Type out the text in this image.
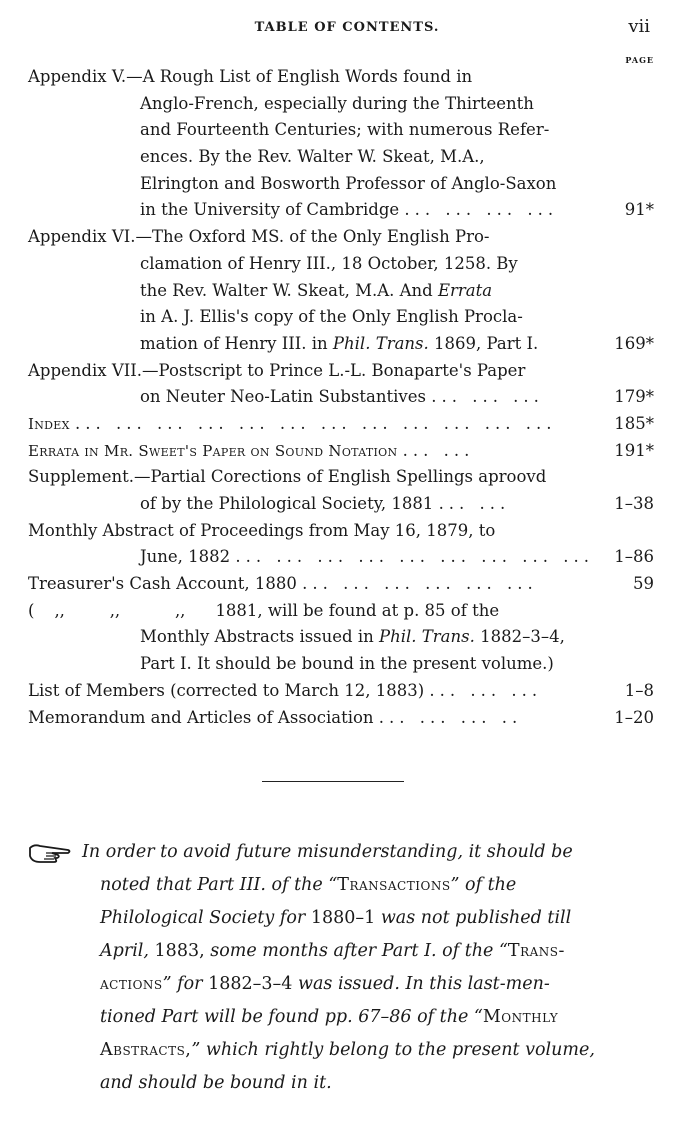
TABLE OF CONTENTS.	vii
PAGE
Appendix V.—A Rough List of English Words found in
Anglo-French, especially during the Thirteenth
and Fourteenth Centuries; with numerous Refer-
ences. By the Rev. Walter W. Skeat, M.A.,
Elrington and Bosworth Professor of Anglo-Saxon
in the University of Cambridge ... ... ... ...	91*
Appendix VI.—The Oxford MS. of the Only English Pro-
clamation of Henry III., 18 October, 1258. By
the Rev. Walter W. Skeat, M.A. And Errata
in A. J. Ellis's copy of the Only English Procla-
mation of Henry III. in Phil. Trans. 1869, Part I.	169*
Appendix VII.—Postscript to Prince L.-L. Bonaparte's Paper
on Neuter Neo-Latin Substantives ... ... ...	179*
Index ... ... ... ... ... ... ... ... ... ... ... ...	185*
Errata in Mr. Sweet's Paper on Sound Notation ... ...	191*
Supplement.—Partial Corections of English Spellings aproovd
of by the Philological Society, 1881 ... ...	1–38
Monthly Abstract of Proceedings from May 16, 1879, to
June, 1882 ... ... ... ... ... ... ... ... ... 1–86
Treasurer's Cash Account, 1880 ... ... ... ... ... ...	59
( ,,	,,	,, 1881, will be found at p. 85 of the
Monthly Abstracts issued in Phil. Trans. 1882–3–4,
Part I. It should be bound in the present volume.)
List of Members (corrected to March 12, 1883) ... ... ...	1–8
Memorandum and Articles of Association ... ... ... ..	1–20
In order to avoid future misunderstanding, it should be
noted that Part III. of the “Transactions” of the
Philological Society for 1880–1 was not published till
April, 1883, some months after Part I. of the “Trans-
actions” for 1882–3–4 was issued. In this last-men-
tioned Part will be found pp. 67–86 of the “Monthly
Abstracts,” which rightly belong to the present volume,
and should be bound in it.
